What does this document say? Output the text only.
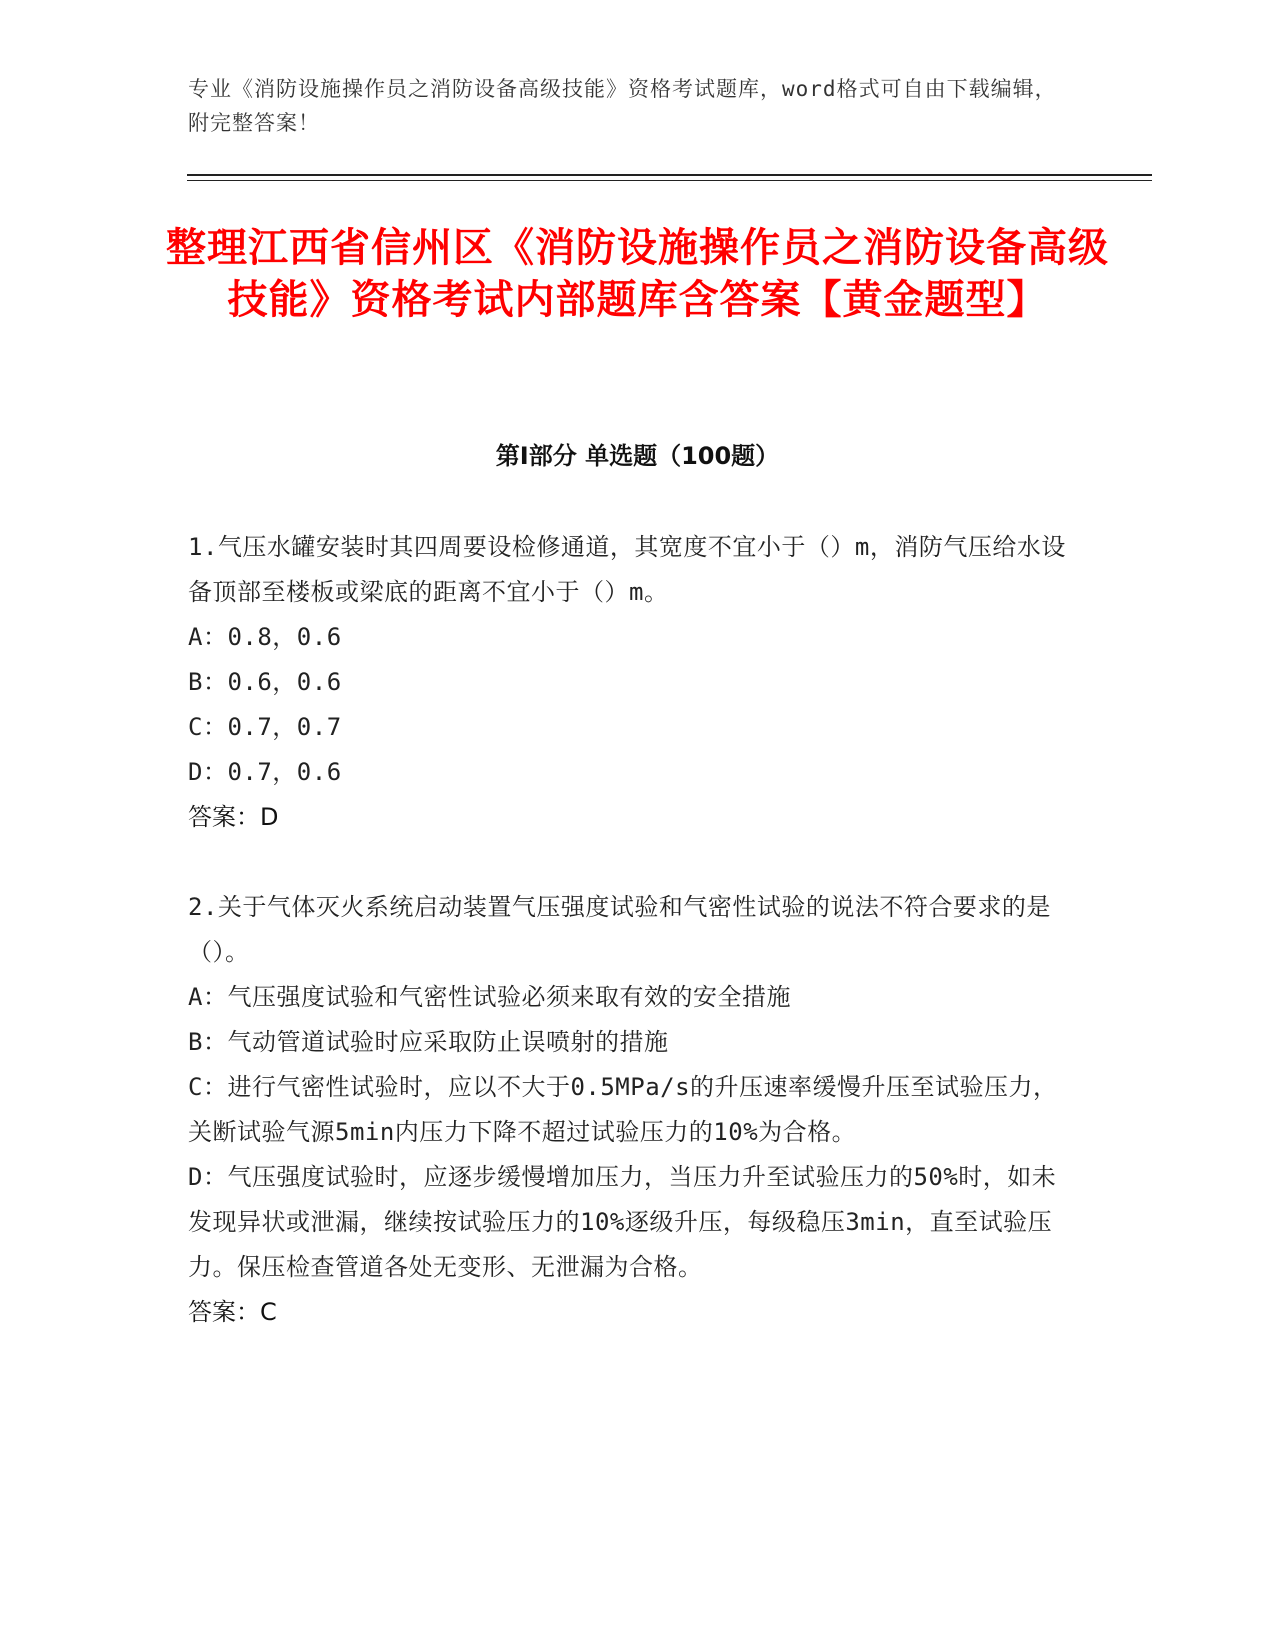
专业《消防设施操作员之消防设备高级技能》资格考试题库，word格式可自由下载编辑，附完整答案！
整理江西省信州区《消防设施操作员之消防设备高级技能》资格考试内部题库含答案【黄金题型】
第Ⅰ部分 单选题（100题）

1.气压水罐安装时其四周要设检修通道，其宽度不宜小于（）m，消防气压给水设备顶部至楼板或梁底的距离不宜小于（）m。

A：0.8，0.6

B：0.6，0.6

C：0.7，0.7

D：0.7，0.6

答案：D

2.关于气体灭火系统启动装置气压强度试验和气密性试验的说法不符合要求的是（）。

A：气压强度试验和气密性试验必须来取有效的安全措施

B：气动管道试验时应采取防止误喷射的措施

C：进行气密性试验时，应以不大于0.5MPa/s的升压速率缓慢升压至试验压力，关断试验气源5min内压力下降不超过试验压力的10%为合格。

D：气压强度试验时，应逐步缓慢增加压力，当压力升至试验压力的50%时，如未发现异状或泄漏，继续按试验压力的10%逐级升压，每级稳压3min，直至试验压力。保压检查管道各处无变形、无泄漏为合格。

答案：C
